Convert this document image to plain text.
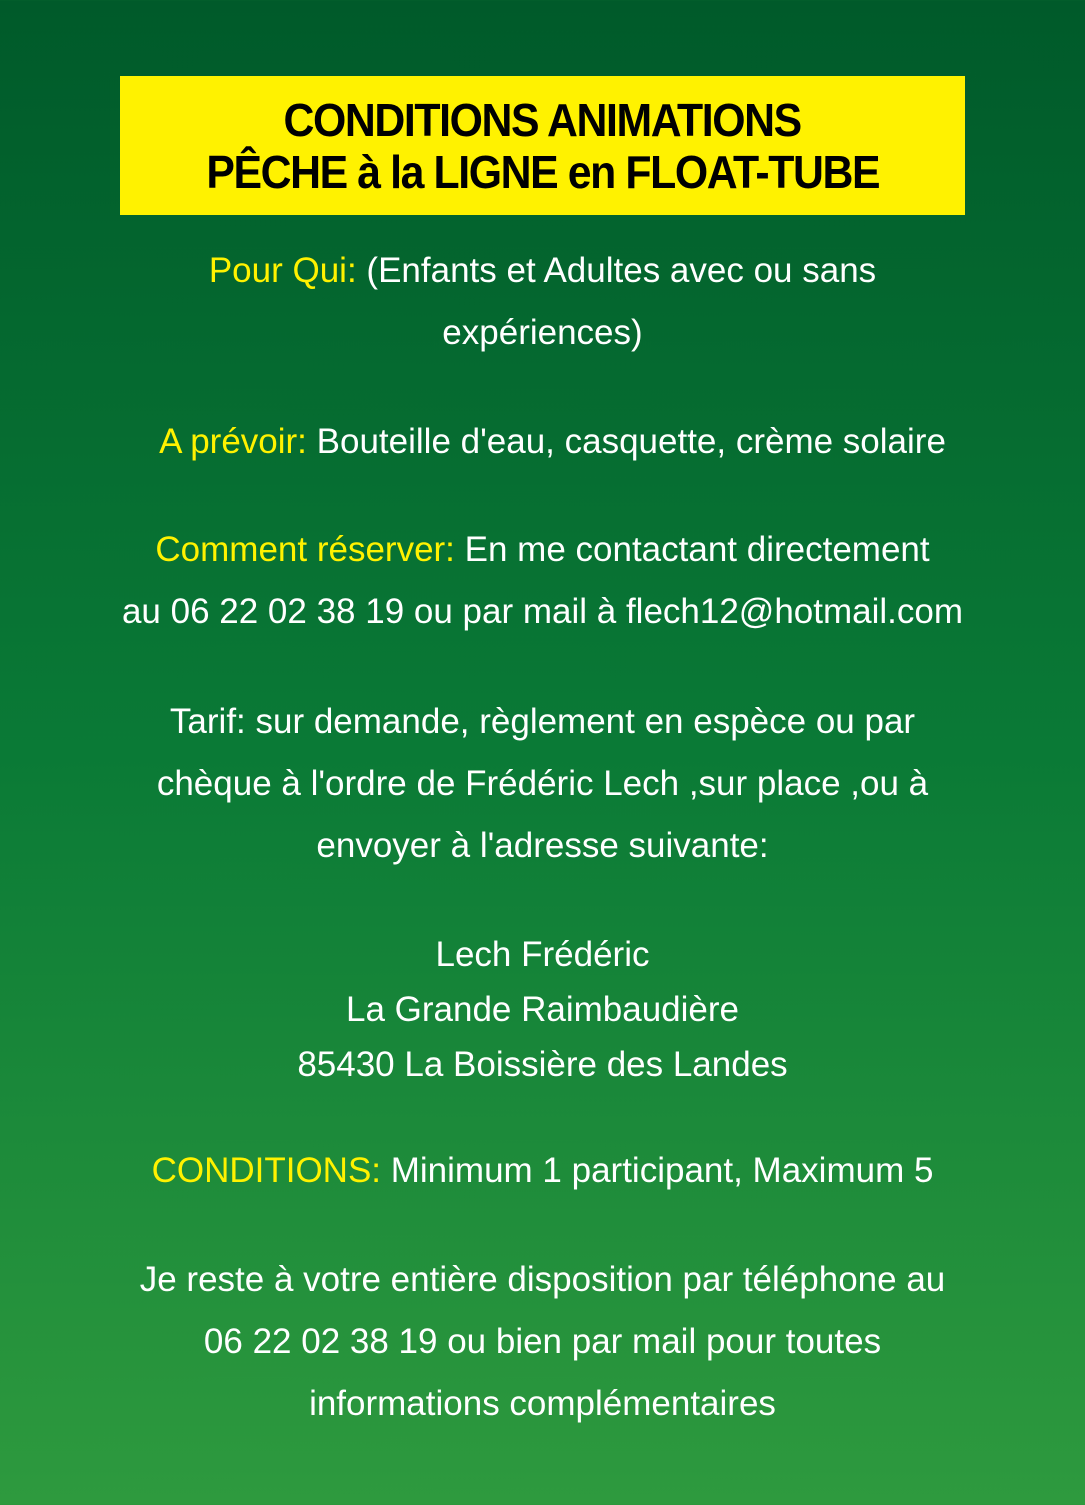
CONDITIONS ANIMATIONS
PÊCHE à la LIGNE en FLOAT-TUBE
Pour Qui: (Enfants et Adultes avec ou sans
expériences)
A prévoir: Bouteille d'eau, casquette, crème solaire
Comment réserver: En me contactant directement
au 06 22 02 38 19 ou par mail à flech12@hotmail.com
Tarif: sur demande, règlement en espèce ou par
chèque à l'ordre de Frédéric Lech ,sur place ,ou à
envoyer à l'adresse suivante:
Lech Frédéric
La Grande Raimbaudière
85430 La Boissière des Landes
CONDITIONS: Minimum 1 participant, Maximum 5
Je reste à votre entière disposition par téléphone au
06 22 02 38 19 ou bien par mail pour toutes
informations complémentaires
